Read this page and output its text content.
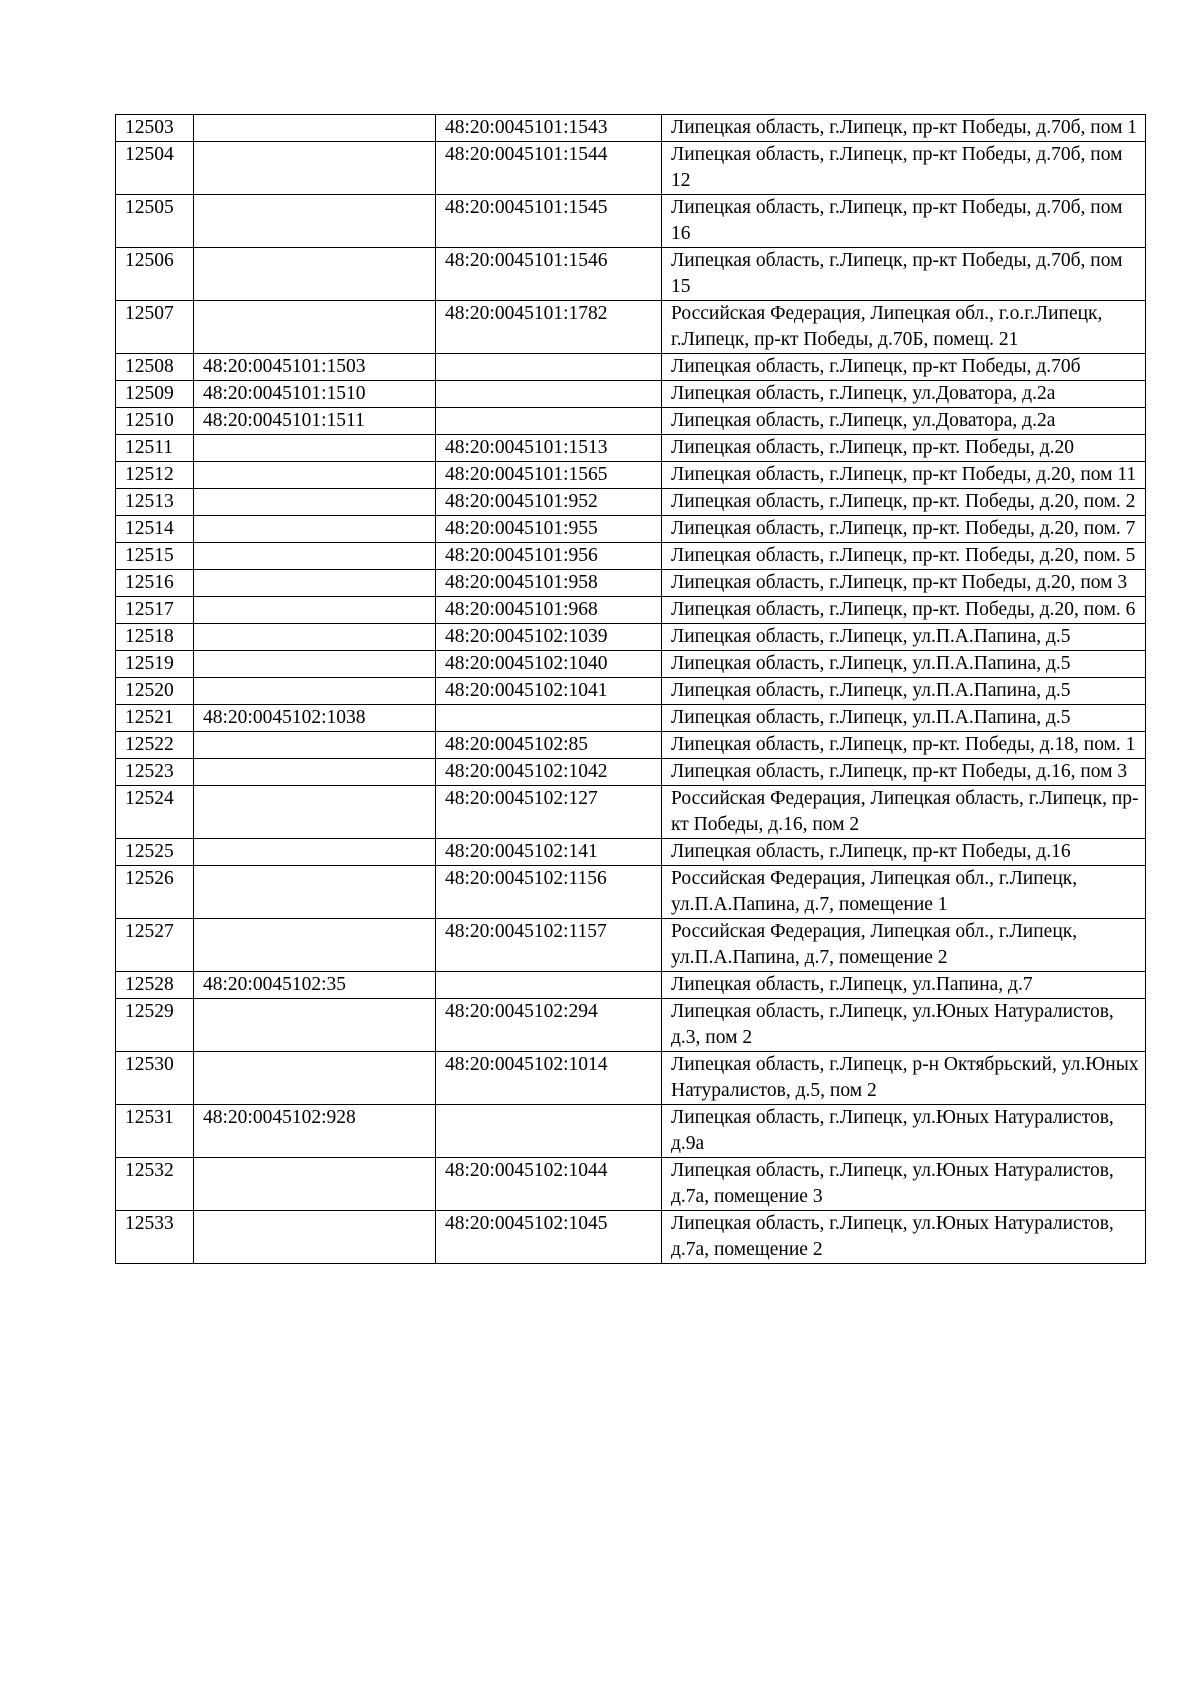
12503		48:20:0045101:1543	Липецкая область, г.Липецк, пр-кт Победы, д.70б, пом 1
12504		48:20:0045101:1544	Липецкая область, г.Липецк, пр-кт Победы, д.70б, пом 12
12505		48:20:0045101:1545	Липецкая область, г.Липецк, пр-кт Победы, д.70б, пом 16
12506		48:20:0045101:1546	Липецкая область, г.Липецк, пр-кт Победы, д.70б, пом 15
12507		48:20:0045101:1782	Российская Федерация, Липецкая обл., г.о.г.Липецк, г.Липецк, пр-кт Победы, д.70Б, помещ. 21
12508	48:20:0045101:1503		Липецкая область, г.Липецк, пр-кт Победы, д.70б
12509	48:20:0045101:1510		Липецкая область, г.Липецк, ул.Доватора, д.2а
12510	48:20:0045101:1511		Липецкая область, г.Липецк, ул.Доватора, д.2а
12511		48:20:0045101:1513	Липецкая область, г.Липецк, пр-кт. Победы, д.20
12512		48:20:0045101:1565	Липецкая область, г.Липецк, пр-кт Победы, д.20, пом 11
12513		48:20:0045101:952	Липецкая область, г.Липецк, пр-кт. Победы, д.20, пом. 2
12514		48:20:0045101:955	Липецкая область, г.Липецк, пр-кт. Победы, д.20, пом. 7
12515		48:20:0045101:956	Липецкая область, г.Липецк, пр-кт. Победы, д.20, пом. 5
12516		48:20:0045101:958	Липецкая область, г.Липецк, пр-кт Победы, д.20, пом 3
12517		48:20:0045101:968	Липецкая область, г.Липецк, пр-кт. Победы, д.20, пом. 6
12518		48:20:0045102:1039	Липецкая область, г.Липецк, ул.П.А.Папина, д.5
12519		48:20:0045102:1040	Липецкая область, г.Липецк, ул.П.А.Папина, д.5
12520		48:20:0045102:1041	Липецкая область, г.Липецк, ул.П.А.Папина, д.5
12521	48:20:0045102:1038		Липецкая область, г.Липецк, ул.П.А.Папина, д.5
12522		48:20:0045102:85	Липецкая область, г.Липецк, пр-кт. Победы, д.18, пом. 1
12523		48:20:0045102:1042	Липецкая область, г.Липецк, пр-кт Победы, д.16, пом 3
12524		48:20:0045102:127	Российская Федерация, Липецкая область, г.Липецк, пр-кт Победы, д.16, пом 2
12525		48:20:0045102:141	Липецкая область, г.Липецк, пр-кт Победы, д.16
12526		48:20:0045102:1156	Российская Федерация, Липецкая обл., г.Липецк, ул.П.А.Папина, д.7, помещение 1
12527		48:20:0045102:1157	Российская Федерация, Липецкая обл., г.Липецк, ул.П.А.Папина, д.7, помещение 2
12528	48:20:0045102:35		Липецкая область, г.Липецк, ул.Папина, д.7
12529		48:20:0045102:294	Липецкая область, г.Липецк, ул.Юных Натуралистов, д.3, пом 2
12530		48:20:0045102:1014	Липецкая область, г.Липецк, р-н Октябрьский, ул.Юных Натуралистов, д.5, пом 2
12531	48:20:0045102:928		Липецкая область, г.Липецк, ул.Юных Натуралистов, д.9а
12532		48:20:0045102:1044	Липецкая область, г.Липецк, ул.Юных Натуралистов, д.7а, помещение 3
12533		48:20:0045102:1045	Липецкая область, г.Липецк, ул.Юных Натуралистов, д.7а, помещение 2
